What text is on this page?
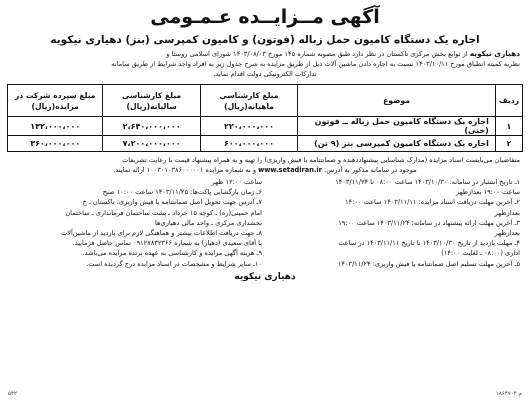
آگهی مــزایــده عـمـومی
اجاره یک دستگاه کامیون حمل زباله (فوتون) و کامیون کمپرسی (بنز) دهیاری نیکویه
دهیاری نیکویه از توابع بخش مرکزی تاکستان در نظر دارد طبق مصوبه شماره ۱۴۵ مورخ ۱۴۰۳/۰۸/۰۳ شورای اسلامی روستا و
نظریه کمیته انطباق مورخ ۱۴۰۳/۱۰/۱۱ نسبت به اجاره دادن ماشین آلات ذیل از طریق مزایده به شرح جدول زیر به افراد واجد شرایط از طریق سامانه
تدارکات الکترونیکی دولت اقدام نماید.
ردیف	موضوع	مبلغ کارشناسی ماهیانه(ریال)	مبلغ کارشناسی سالیانه(ریال)	مبلغ سپرده شرکت در مزایده(ریال)
۱	اجاره یک دستگاه کامیون حمل زباله ــ فوتون (خنی)	۲۲۰،۰۰۰،۰۰۰	۲،۶۴۰،۰۰۰،۰۰۰	۱۳۲،۰۰۰،۰۰۰
۲	اجاره یک دستگاه کامیون کمپرسی بنز (۹ تن)	۶۰۰،۰۰۰،۰۰۰	۷،۲۰۰،۰۰۰،۰۰۰	۳۶۰،۰۰۰،۰۰۰
متقاضیان می‌بایست اسناد مزایده (مدارک شناسایی پیشنهاددهنده و ضمانتنامه یا فیش واریزی) را تهیه و به همراه پیشنهاد قیمت با رعایت تشریفات
موجود در سامانه مذکور به آدرس: www.setadiran.ir و به شماره مزایده ۱۰۰۳۰۱۰۳۸۶۰۰۰۰۰۱ ارائه نمایند.
۱ـ تاریخ انتشار در سامانه: ۱۴۰۳/۱۰/۳۰ ساعت ۰۸:۰۰ تا ۱۴۰۳/۱۱/۲۴
ساعت ۱۹:۰۰ بعدازظهر
۲ـ آخرین مهلت دریافت اسناد مزایده: ۱۴۰۳/۱۱/۱۱ ساعت ۱۴:۰۰
بعدازظهر
۳ـ آخرین مهلت ارائه پیشنهاد در سامانه: ۱۴۰۳/۱۱/۲۴ ساعت ۱۹:۰۰
بعدازظهر
۴ـ مهلت بازدید از تاریخ ۱۴۰۳/۱۰/۳۰ تا تاریخ ۱۴۰۳/۱۱/۱۱ در ساعت
اداری (۰۸:۰۰ ـ لغایت ۱۴:۰۰)
۵ـ آخرین مهلت تسلیم اصل ضمانتنامه یا فیش واریزی: ۱۴۰۳/۱۱/۲۴
ساعت ۱۲:۰۰ ظهر
۶ـ زمان بازگشایی پاکت‌ها: ۱۴۰۳/۱۱/۲۵ ساعت ۱۰:۰۰ صبح
۷ـ آدرس جهت تحویل اصل ضمانتنامه یا فیش واریزی: تاکستان ـ خ
امام خمینی(ره) ـ کوچه ۱۵ خرداد ـ پشت ساختمان فرمانداری ـ ساختمان
بخشداری مرکزی ـ واحد مالی دهیاری‌ها
۸ـ جهت دریافت اطلاعات بیشتر و هماهنگی لازم برای بازدید از ماشین‌آلات
با آقای سعیدی (دهیار) به شماره ۰۹۱۲۷۸۳۲۳۶۶ تماس حاصل فرمایید.
۹ـ هزینه آگهی مزایده و کارشناسی به عهده برنده مزایده می‌باشد.
۱۰ـ سایر شرایط و مشخصات در اسناد مزایده درج گردیده است.
دهیاری نیکویه
م ۱۸۶۴۷۰۳
۵۳۲
